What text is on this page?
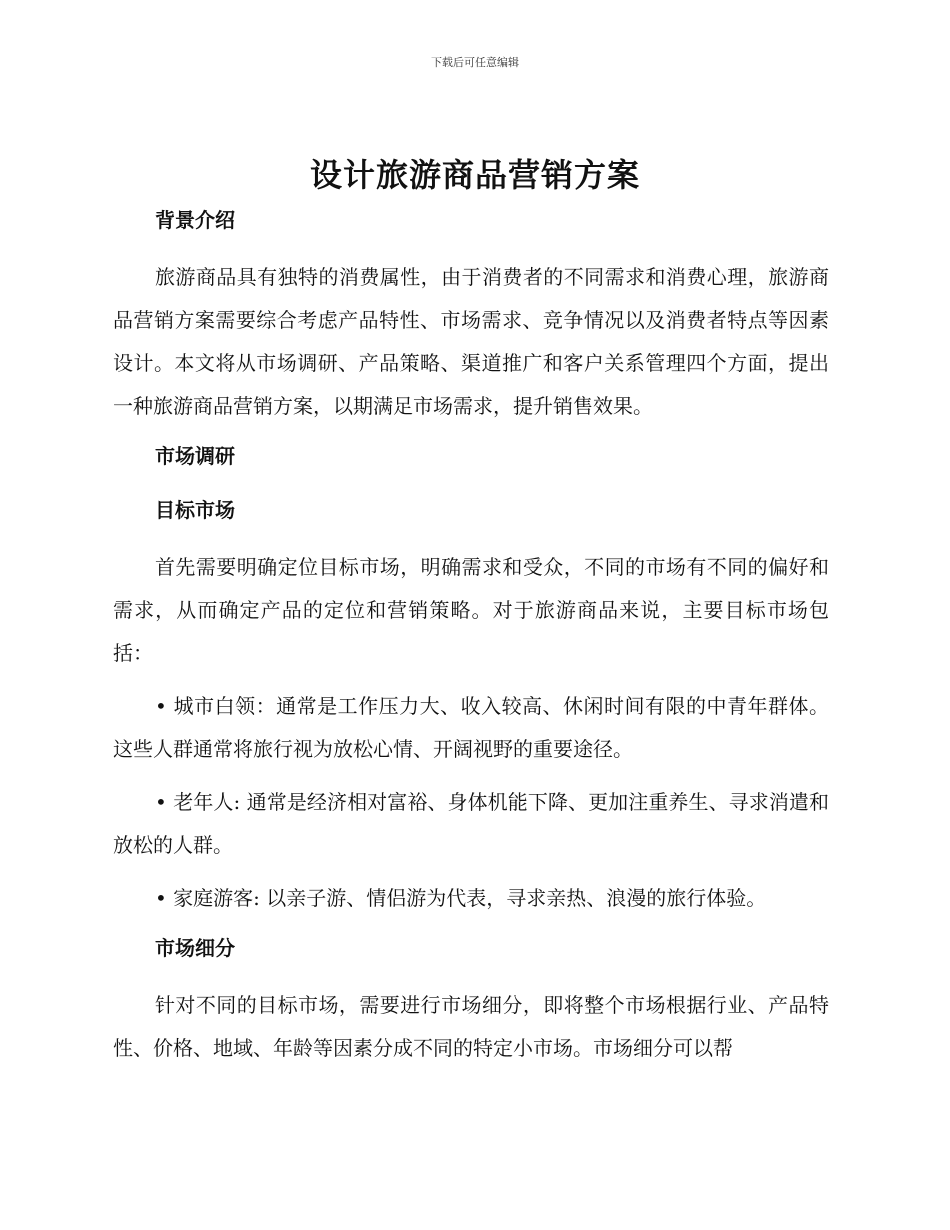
下载后可任意编辑
设计旅游商品营销方案
背景介绍

旅游商品具有独特的消费属性，由于消费者的不同需求和消费心理，旅游商品营销方案需要综合考虑产品特性、市场需求、竞争情况以及消费者特点等因素设计。本文将从市场调研、产品策略、渠道推广和客户关系管理四个方面，提出一种旅游商品营销方案，以期满足市场需求，提升销售效果。

市场调研
目标市场

首先需要明确定位目标市场，明确需求和受众，不同的市场有不同的偏好和需求，从而确定产品的定位和营销策略。对于旅游商品来说，主要目标市场包括：

• 城市白领：通常是工作压力大、收入较高、休闲时间有限的中青年群体。这些人群通常将旅行视为放松心情、开阔视野的重要途径。

• 老年人: 通常是经济相对富裕、身体机能下降、更加注重养生、寻求消遣和放松的人群。

• 家庭游客: 以亲子游、情侣游为代表，寻求亲热、浪漫的旅行体验。

市场细分

针对不同的目标市场，需要进行市场细分，即将整个市场根据行业、产品特性、价格、地域、年龄等因素分成不同的特定小市场。市场细分可以帮
